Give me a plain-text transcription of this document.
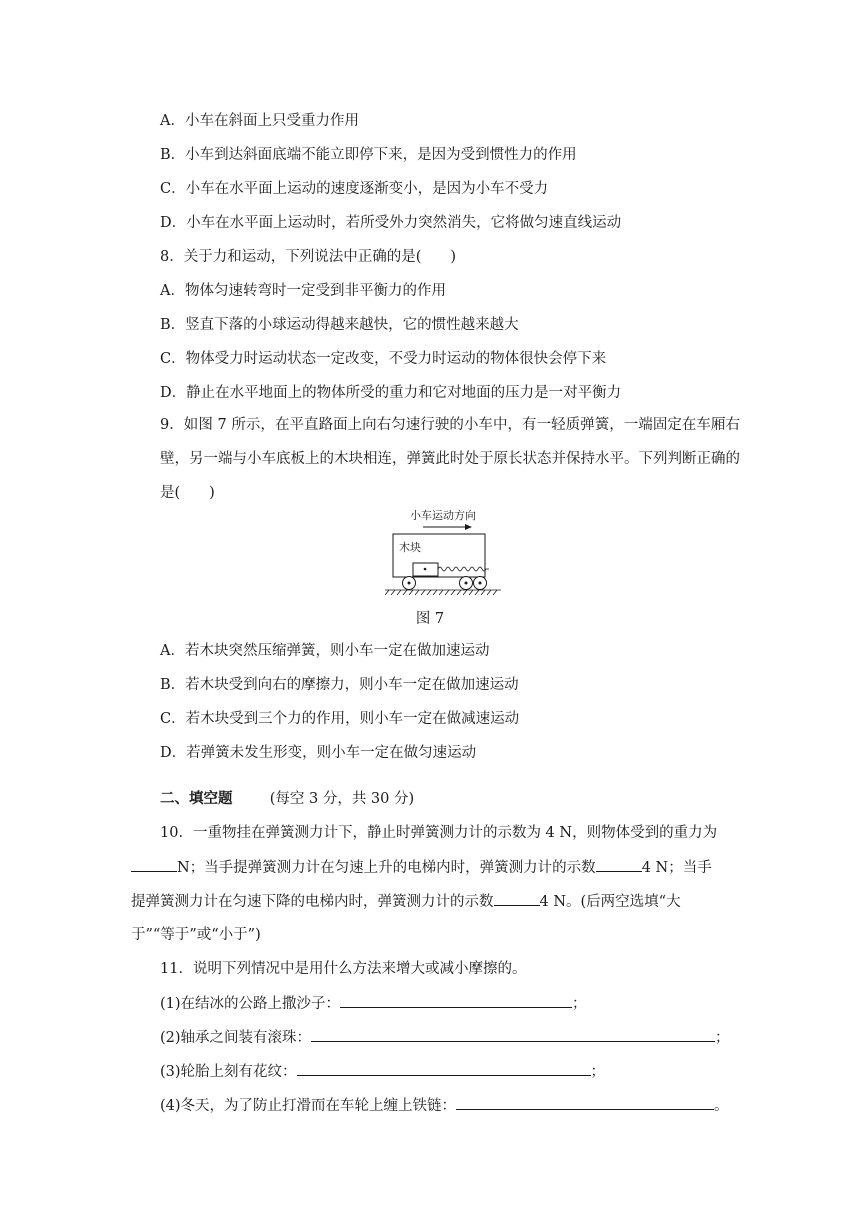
A．小车在斜面上只受重力作用
B．小车到达斜面底端不能立即停下来，是因为受到惯性力的作用
C．小车在水平面上运动的速度逐渐变小，是因为小车不受力
D．小车在水平面上运动时，若所受外力突然消失，它将做匀速直线运动
8．关于力和运动，下列说法中正确的是(　　)
A．物体匀速转弯时一定受到非平衡力的作用
B．竖直下落的小球运动得越来越快，它的惯性越来越大
C．物体受力时运动状态一定改变，不受力时运动的物体很快会停下来
D．静止在水平地面上的物体所受的重力和它对地面的压力是一对平衡力
9．如图 7 所示，在平直路面上向右匀速行驶的小车中，有一轻质弹簧，一端固定在车厢右壁，另一端与小车底板上的木块相连，弹簧此时处于原长状态并保持水平。下列判断正确的是(　　)
小车运动方向
木块
图 7
A．若木块突然压缩弹簧，则小车一定在做加速运动
B．若木块受到向右的摩擦力，则小车一定在做加速运动
C．若木块受到三个力的作用，则小车一定在做减速运动
D．若弹簧未发生形变，则小车一定在做匀速运动
二、填空题	(每空 3 分，共 30 分)
10．一重物挂在弹簧测力计下，静止时弹簧测力计的示数为 4 N，则物体受到的重力为
N；当手提弹簧测力计在匀速上升的电梯内时，弹簧测力计的示数	4 N；当手
提弹簧测力计在匀速下降的电梯内时，弹簧测力计的示数	4 N。(后两空选填“大
于”“等于”或“小于”)
11．说明下列情况中是用什么方法来增大或减小摩擦的。
(1)在结冰的公路上撒沙子：	；
(2)轴承之间装有滚珠：	；
(3)轮胎上刻有花纹：	；
(4)冬天，为了防止打滑而在车轮上缠上铁链：	。
